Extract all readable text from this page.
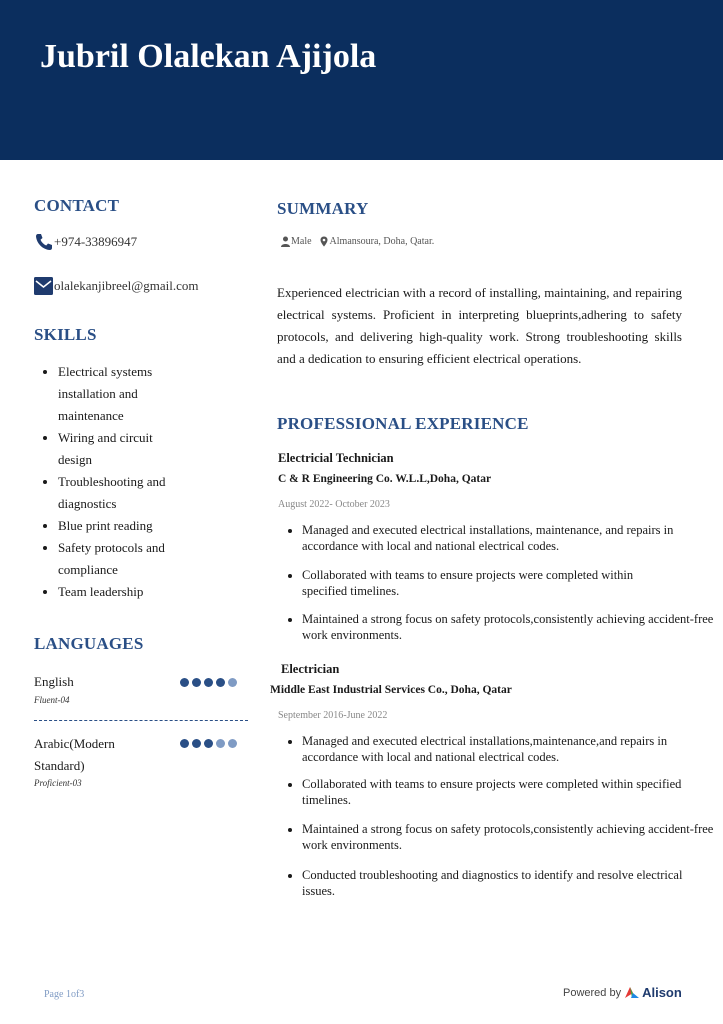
Jubril Olalekan Ajijola
CONTACT
+974-33896947
olalekanjibreel@gmail.com
SKILLS
• Electrical systems installation and maintenance
• Wiring and circuit design
• Troubleshooting and diagnostics
• Blue print reading
• Safety protocols and compliance
• Team leadership
LANGUAGES
English
Fluent-04
Arabic(Modern Standard)
Proficient-03
SUMMARY
Male Almansoura, Doha, Qatar.

Experienced electrician with a record of installing, maintaining, and repairing electrical systems. Proficient in interpreting blueprints,adhering to safety protocols, and delivering high-quality work. Strong troubleshooting skills and a dedication to ensuring efficient electrical operations.

PROFESSIONAL EXPERIENCE
Electricial Technician
C & R Engineering Co. W.L.L,Doha, Qatar
August 2022- October 2023
• Managed and executed electrical installations, maintenance, and repairs in accordance with local and national electrical codes.
• Collaborated with teams to ensure projects were completed within specified timelines.
• Maintained a strong focus on safety protocols,consistently achieving accident-free work environments.
Electrician
Middle East Industrial Services Co., Doha, Qatar
September 2016-June 2022
• Managed and executed electrical installations,maintenance,and repairs in accordance with local and national electrical codes.
• Collaborated with teams to ensure projects were completed within specified timelines.
• Maintained a strong focus on safety protocols,consistently achieving accident-free work environments.
• Conducted troubleshooting and diagnostics to identify and resolve electrical issues.
Page 1of3	Powered by Alison
